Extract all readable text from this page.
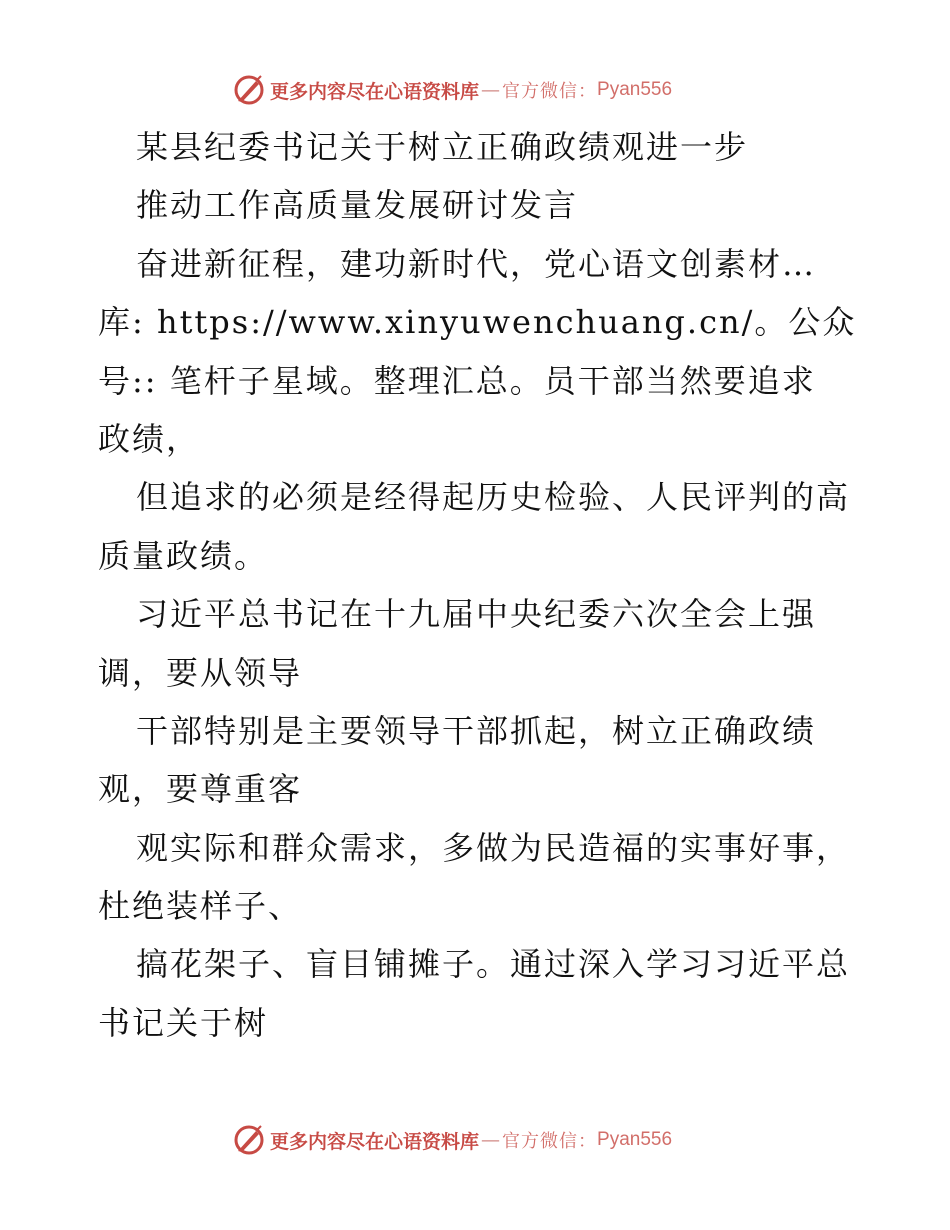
更多内容尽在心语资料库 — 官方微信： Pyan556
某县纪委书记关于树立正确政绩观进一步
推动工作高质量发展研讨发言
奋进新征程，建功新时代，党心语文创素材…
库: https://www.xinyuwenchuang.cn/。公众
号:: 笔杆子星域。整理汇总。员干部当然要追求
政绩，
但追求的必须是经得起历史检验、人民评判的高
质量政绩。
习近平总书记在十九届中央纪委六次全会上强
调，要从领导
干部特别是主要领导干部抓起，树立正确政绩
观，要尊重客
观实际和群众需求，多做为民造福的实事好事，
杜绝装样子、
搞花架子、盲目铺摊子。通过深入学习习近平总
书记关于树
更多内容尽在心语资料库 — 官方微信： Pyan556
